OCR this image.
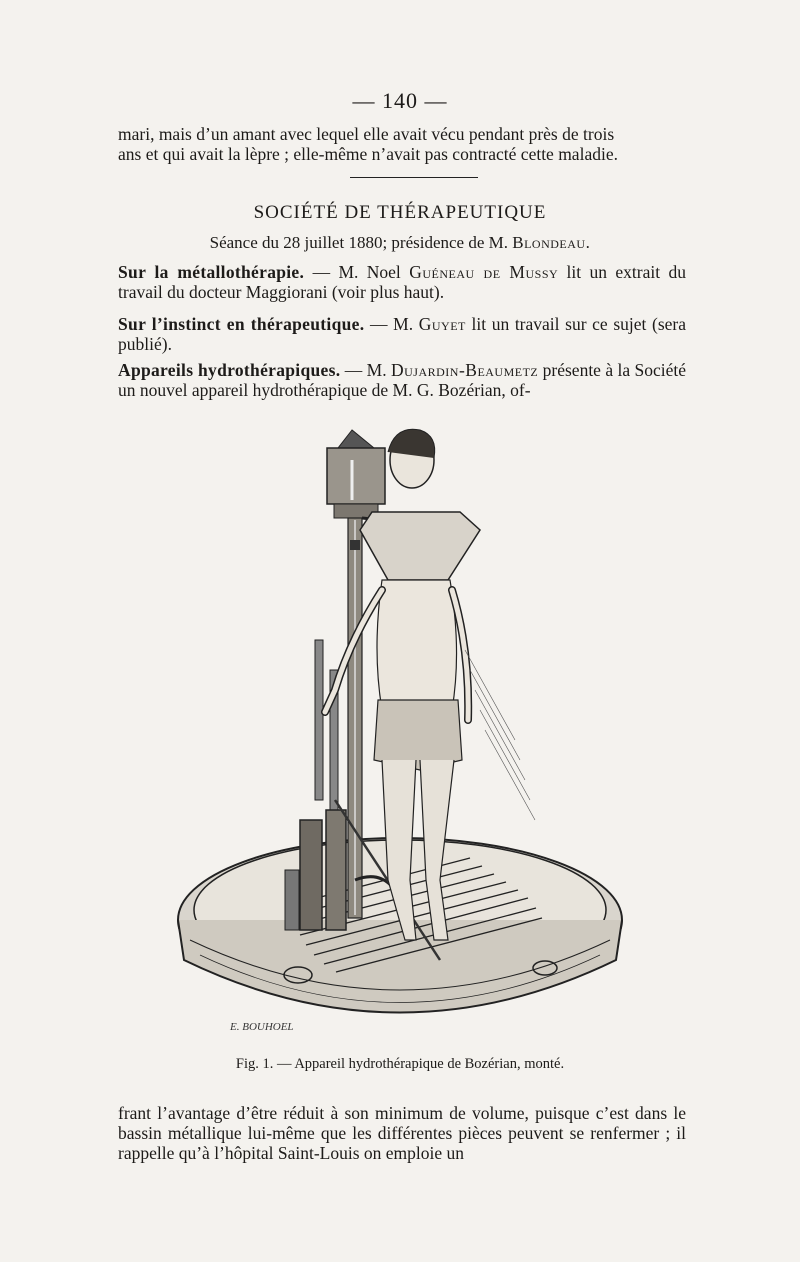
— 140 —
mari, mais d’un amant avec lequel elle avait vécu pendant près de trois
ans et qui avait la lèpre ; elle-même n’avait pas contracté cette maladie.
SOCIÉTÉ DE THÉRAPEUTIQUE
Séance du 28 juillet 1880; présidence de M. Blondeau.
Sur la métallothérapie. — M. Noel Guéneau de Mussy lit un extrait du travail du docteur Maggiorani (voir plus haut).
Sur l’instinct en thérapeutique. — M. Guyet lit un travail sur ce sujet (sera publié).
Appareils hydrothérapiques. — M. Dujardin-Beaumetz présente à la Société un nouvel appareil hydrothérapique de M. G. Bozérian, of-
E. BOUHOEL
Fig. 1. — Appareil hydrothérapique de Bozérian, monté.
frant l’avantage d’être réduit à son minimum de volume, puisque c’est dans le bassin métallique lui-même que les différentes pièces peuvent se renfermer ; il rappelle qu’à l’hôpital Saint-Louis on emploie un
